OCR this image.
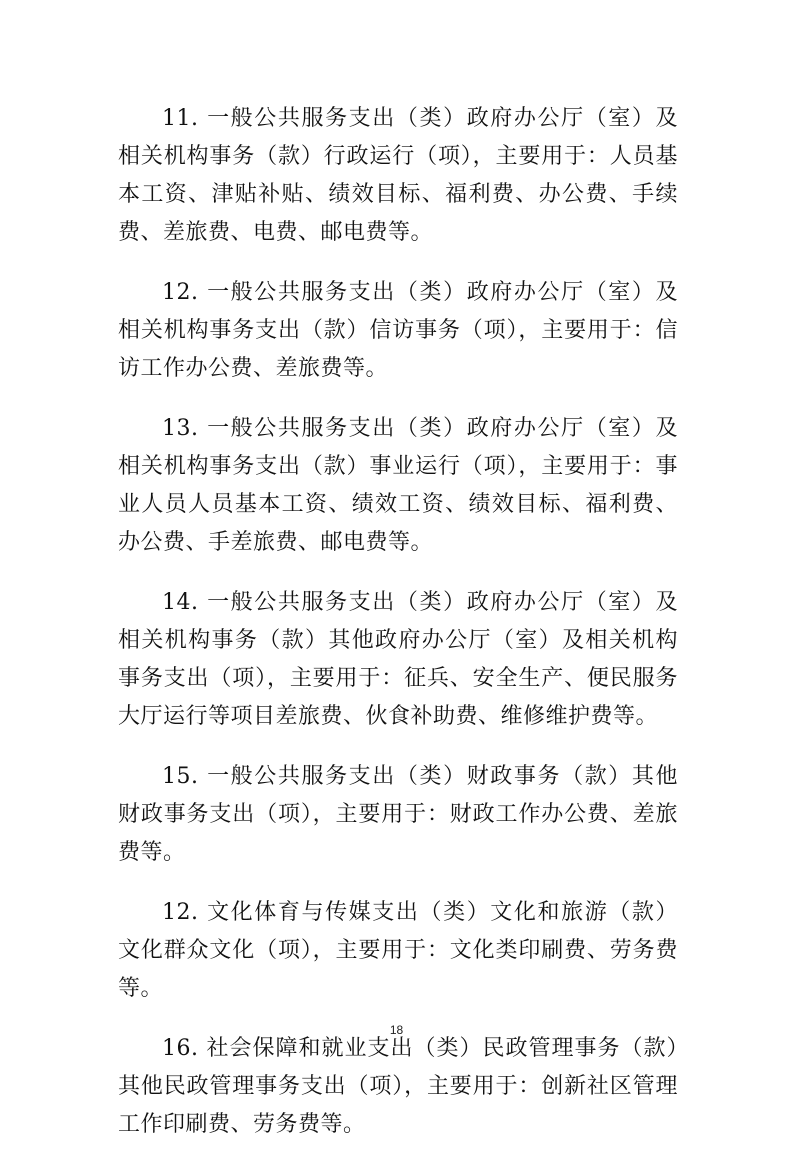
11. 一般公共服务支出（类）政府办公厅（室）及相关机构事务（款）行政运行（项），主要用于：人员基本工资、津贴补贴、绩效目标、福利费、办公费、手续费、差旅费、电费、邮电费等。

12. 一般公共服务支出（类）政府办公厅（室）及相关机构事务支出（款）信访事务（项），主要用于：信访工作办公费、差旅费等。

13. 一般公共服务支出（类）政府办公厅（室）及相关机构事务支出（款）事业运行（项），主要用于：事业人员人员基本工资、绩效工资、绩效目标、福利费、办公费、手差旅费、邮电费等。

14. 一般公共服务支出（类）政府办公厅（室）及相关机构事务（款）其他政府办公厅（室）及相关机构事务支出（项），主要用于：征兵、安全生产、便民服务大厅运行等项目差旅费、伙食补助费、维修维护费等。

15. 一般公共服务支出（类）财政事务（款）其他财政事务支出（项），主要用于：财政工作办公费、差旅费等。

12. 文化体育与传媒支出（类）文化和旅游（款）文化群众文化（项），主要用于：文化类印刷费、劳务费等。

16. 社会保障和就业支出（类）民政管理事务（款）其他民政管理事务支出（项），主要用于：创新社区管理工作印刷费、劳务费等。

18
